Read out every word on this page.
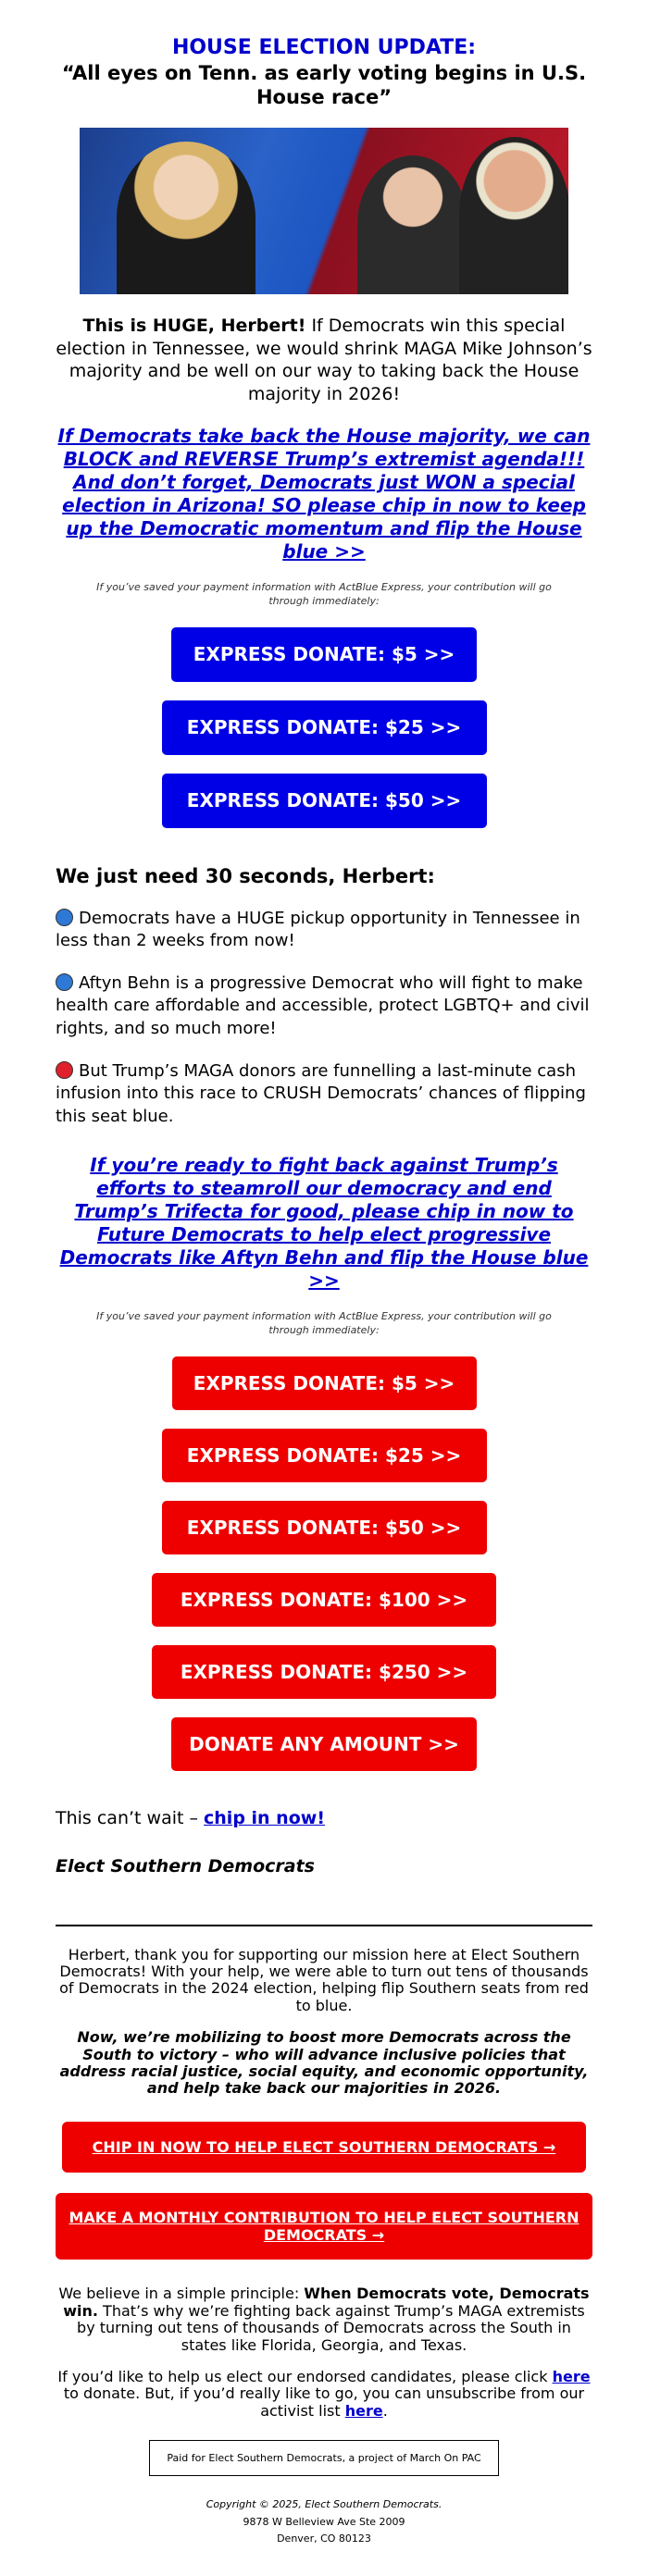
HOUSE ELECTION UPDATE:
“All eyes on Tenn. as early voting begins in U.S. House race”

This is HUGE, Herbert! If Democrats win this special election in Tennessee, we would shrink MAGA Mike Johnson’s majority and be well on our way to taking back the House majority in 2026!

If Democrats take back the House majority, we can BLOCK and REVERSE Trump’s extremist agenda!!! And don’t forget, Democrats just WON a special election in Arizona! SO please chip in now to keep up the Democratic momentum and flip the House blue >>
If you’ve saved your payment information with ActBlue Express, your contribution will go through immediately:
EXPRESS DONATE: $5 >>
EXPRESS DONATE: $25 >>
EXPRESS DONATE: $50 >>
We just need 30 seconds, Herbert:
Democrats have a HUGE pickup opportunity in Tennessee in less than 2 weeks from now!
Aftyn Behn is a progressive Democrat who will fight to make health care affordable and accessible, protect LGBTQ+ and civil rights, and so much more!
But Trump’s MAGA donors are funnelling a last-minute cash infusion into this race to CRUSH Democrats’ chances of flipping this seat blue.
If you’re ready to fight back against Trump’s efforts to steamroll our democracy and end Trump’s Trifecta for good, please chip in now to Future Democrats to help elect progressive Democrats like Aftyn Behn and flip the House blue >>
If you’ve saved your payment information with ActBlue Express, your contribution will go through immediately:
EXPRESS DONATE: $5 >>
EXPRESS DONATE: $25 >>
EXPRESS DONATE: $50 >>
EXPRESS DONATE: $100 >>
EXPRESS DONATE: $250 >>
DONATE ANY AMOUNT >>
This can’t wait – chip in now!
Elect Southern Democrats
Herbert, thank you for supporting our mission here at Elect Southern Democrats! With your help, we were able to turn out tens of thousands of Democrats in the 2024 election, helping flip Southern seats from red to blue.
Now, we’re mobilizing to boost more Democrats across the South to victory – who will advance inclusive policies that address racial justice, social equity, and economic opportunity, and help take back our majorities in 2026.
CHIP IN NOW TO HELP ELECT SOUTHERN DEMOCRATS →
MAKE A MONTHLY CONTRIBUTION TO HELP ELECT SOUTHERN DEMOCRATS →
We believe in a simple principle: When Democrats vote, Democrats win. That’s why we’re fighting back against Trump’s MAGA extremists by turning out tens of thousands of Democrats across the South in states like Florida, Georgia, and Texas.
If you’d like to help us elect our endorsed candidates, please click here to donate. But, if you’d really like to go, you can unsubscribe from our activist list here.
Paid for Elect Southern Democrats, a project of March On PAC
Copyright © 2025, Elect Southern Democrats.
9878 W Belleview Ave Ste 2009
Denver, CO 80123
